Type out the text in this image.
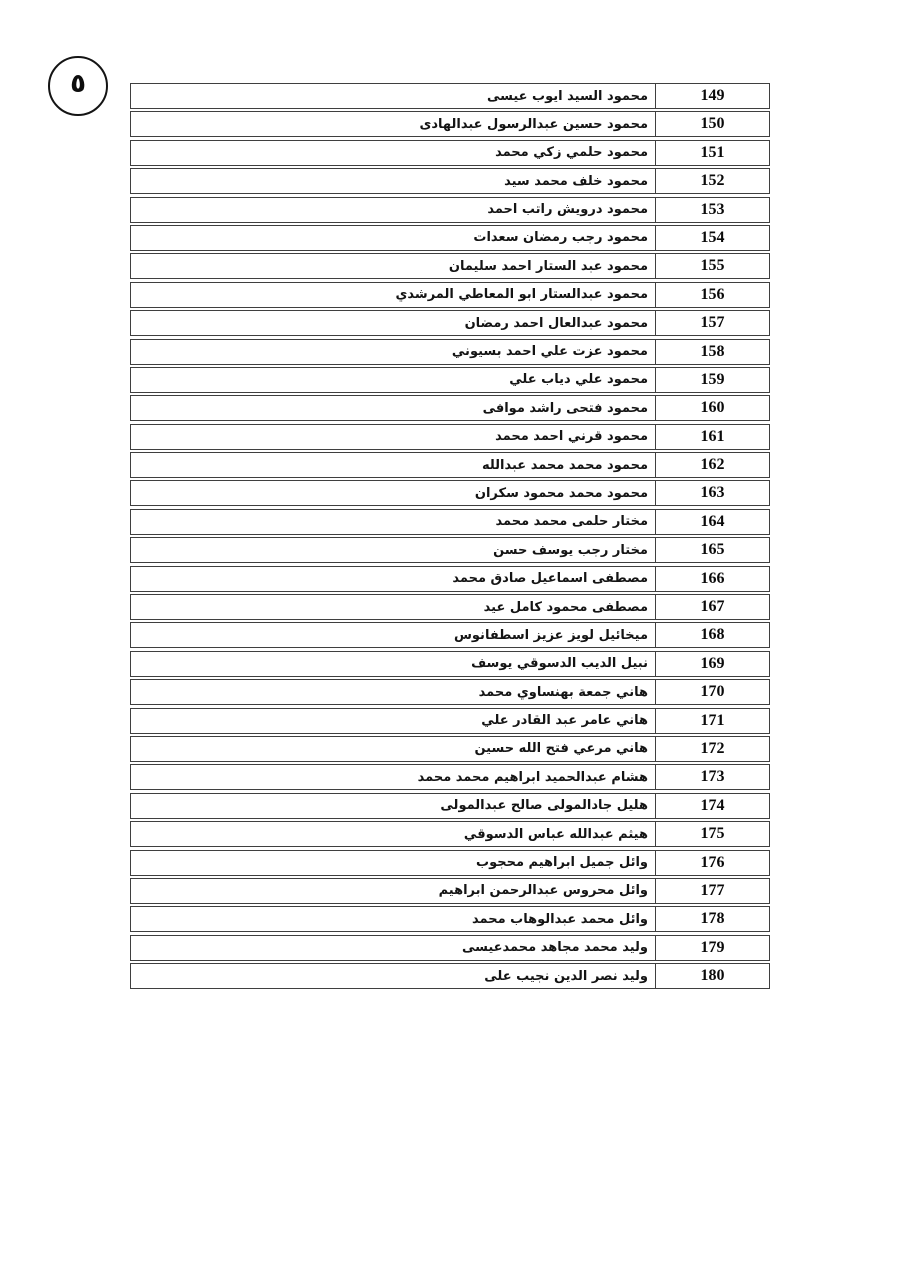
٥	149
محمود السيد ايوب عيسى
150
محمود حسين عبدالرسول عبدالهادى
151
محمود حلمي زكي محمد
152
محمود خلف محمد سيد
153
محمود درويش راتب احمد
154
محمود رجب رمضان سعدات
155
محمود عبد الستار احمد سليمان
156
محمود عبدالستار ابو المعاطي المرشدي
157
محمود عبدالعال احمد رمضان
158
محمود عزت علي احمد بسيوني
159
محمود علي دياب علي
160
محمود فتحى راشد موافى
161
محمود قرني احمد محمد
162
محمود محمد محمد عبدالله
163
محمود محمد محمود سكران
164
مختار حلمى محمد محمد
165
مختار رجب يوسف حسن
166
مصطفى اسماعيل صادق محمد
167
مصطفى محمود كامل عيد
168
ميخائيل لويز عزيز اسطفانوس
169
نبيل الديب الدسوقي يوسف
170
هاني جمعة بهنساوي محمد
171
هاني عامر عبد القادر علي
172
هاني مرعي فتح الله حسين
173
هشام عبدالحميد ابراهيم محمد محمد
174
هليل جادالمولى صالح عبدالمولى
175
هيثم عبدالله عباس الدسوقي
176
وائل جميل ابراهيم محجوب
177
وائل محروس عبدالرحمن ابراهيم
178
وائل محمد عبدالوهاب محمد
179
وليد محمد مجاهد محمدعيسى
180
وليد نصر الدين نجيب على
